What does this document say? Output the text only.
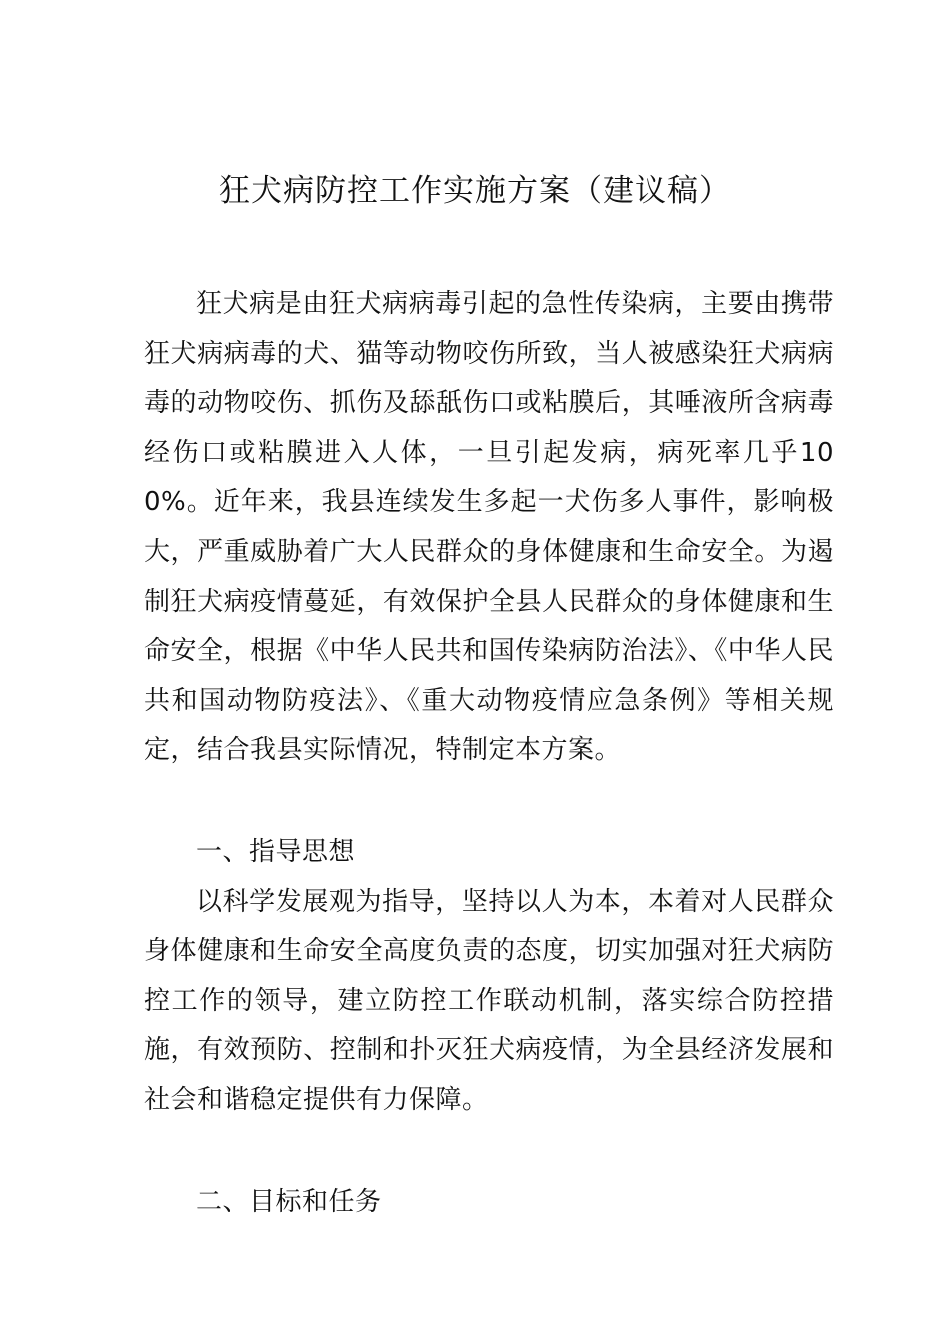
狂犬病防控工作实施方案（建议稿）

狂犬病是由狂犬病病毒引起的急性传染病，主要由携带狂犬病病毒的犬、猫等动物咬伤所致，当人被感染狂犬病病毒的动物咬伤、抓伤及舔舐伤口或粘膜后，其唾液所含病毒经伤口或粘膜进入人体，一旦引起发病，病死率几乎100%。近年来，我县连续发生多起一犬伤多人事件，影响极大，严重威胁着广大人民群众的身体健康和生命安全。为遏制狂犬病疫情蔓延，有效保护全县人民群众的身体健康和生命安全，根据《中华人民共和国传染病防治法》、《中华人民共和国动物防疫法》、《重大动物疫情应急条例》等相关规定，结合我县实际情况，特制定本方案。

一、指导思想

以科学发展观为指导，坚持以人为本，本着对人民群众身体健康和生命安全高度负责的态度，切实加强对狂犬病防控工作的领导，建立防控工作联动机制，落实综合防控措施，有效预防、控制和扑灭狂犬病疫情，为全县经济发展和社会和谐稳定提供有力保障。

二、目标和任务
